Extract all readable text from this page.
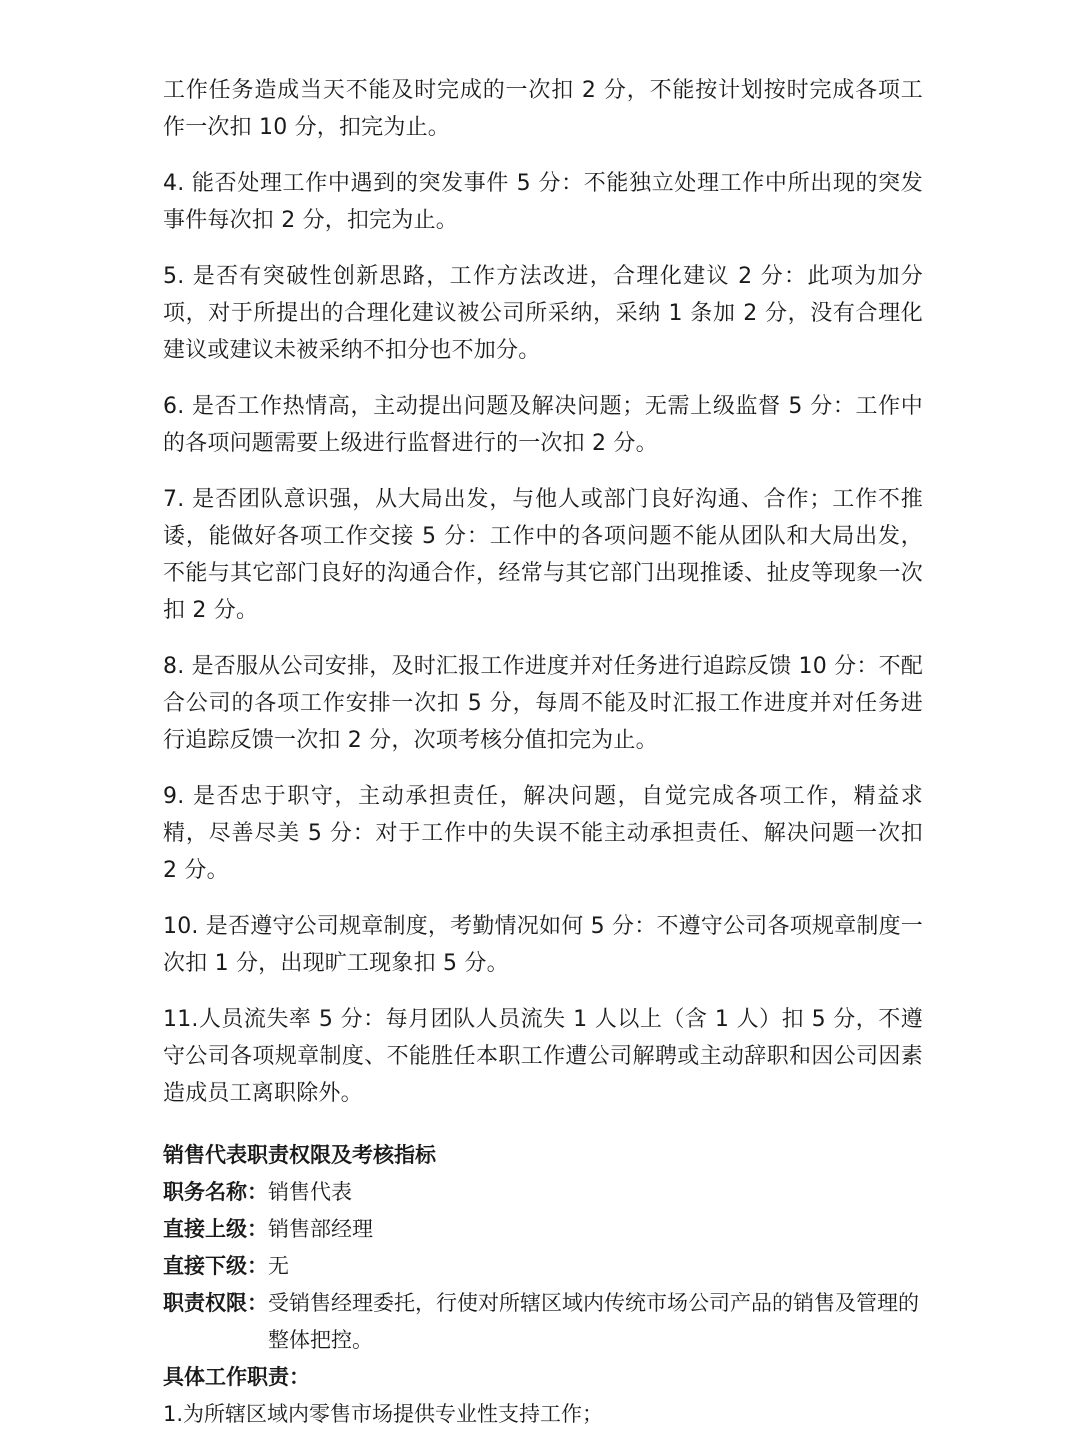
工作任务造成当天不能及时完成的一次扣 2 分，不能按计划按时完成各项工作一次扣 10 分，扣完为止。

4. 能否处理工作中遇到的突发事件 5 分：不能独立处理工作中所出现的突发事件每次扣 2 分，扣完为止。

5. 是否有突破性创新思路，工作方法改进，合理化建议 2 分：此项为加分项，对于所提出的合理化建议被公司所采纳，采纳 1 条加 2 分，没有合理化建议或建议未被采纳不扣分也不加分。

6. 是否工作热情高，主动提出问题及解决问题；无需上级监督 5 分：工作中的各项问题需要上级进行监督进行的一次扣 2 分。

7. 是否团队意识强，从大局出发，与他人或部门良好沟通、合作；工作不推诿，能做好各项工作交接 5 分：工作中的各项问题不能从团队和大局出发，不能与其它部门良好的沟通合作，经常与其它部门出现推诿、扯皮等现象一次扣 2 分。

8. 是否服从公司安排，及时汇报工作进度并对任务进行追踪反馈 10 分：不配合公司的各项工作安排一次扣 5 分，每周不能及时汇报工作进度并对任务进行追踪反馈一次扣 2 分，次项考核分值扣完为止。

9. 是否忠于职守，主动承担责任，解决问题，自觉完成各项工作，精益求精，尽善尽美 5 分：对于工作中的失误不能主动承担责任、解决问题一次扣 2 分。

10. 是否遵守公司规章制度，考勤情况如何 5 分：不遵守公司各项规章制度一次扣 1 分，出现旷工现象扣 5 分。

11.人员流失率 5 分：每月团队人员流失 1 人以上（含 1 人）扣 5 分，不遵守公司各项规章制度、不能胜任本职工作遭公司解聘或主动辞职和因公司因素造成员工离职除外。

销售代表职责权限及考核指标

职务名称： 销售代表
直接上级： 销售部经理
直接下级： 无
职责权限： 受销售经理委托，行使对所辖区域内传统市场公司产品的销售及管理的整体把控。

具体工作职责：

1.为所辖区域内零售市场提供专业性支持工作；
